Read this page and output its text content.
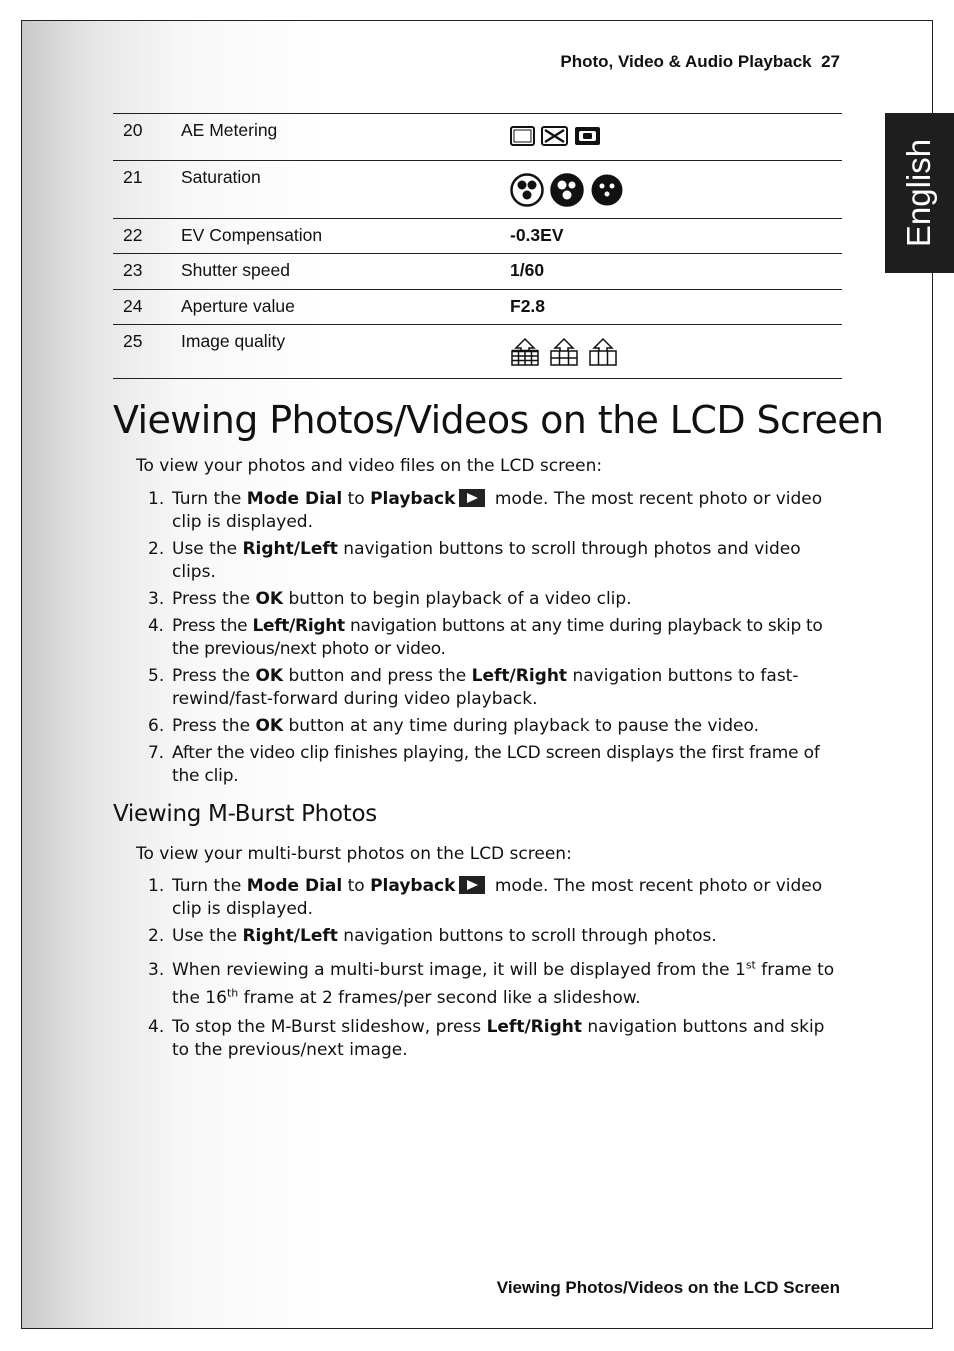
Photo, Video & Audio Playback 27
English
20	AE Metering	

21	Saturation	

22	EV Compensation	-0.3EV
23	Shutter speed	1/60
24	Aperture value	F2.8
25	Image quality	
Viewing Photos/Videos on the LCD Screen
To view your photos and video files on the LCD screen:
1. Turn the Mode Dial to Playback
mode. The most recent photo or video clip is displayed.
2. Use the Right/Left navigation buttons to scroll through photos and video clips.
3. Press the OK button to begin playback of a video clip.
4. Press the Left/Right navigation buttons at any time during playback to skip to the previous/next photo or video.
5. Press the OK button and press the Left/Right navigation buttons to fast-rewind/fast-forward during video playback.
6. Press the OK button at any time during playback to pause the video.
7. After the video clip finishes playing, the LCD screen displays the first frame of the clip.
Viewing M-Burst Photos
To view your multi-burst photos on the LCD screen:
1. Turn the Mode Dial to Playback
mode. The most recent photo or video clip is displayed.
2. Use the Right/Left navigation buttons to scroll through photos.
3. When reviewing a multi-burst image, it will be displayed from the 1st frame to the 16th frame at 2 frames/per second like a slideshow.
4. To stop the M-Burst slideshow, press Left/Right navigation buttons and skip to the previous/next image.
Viewing Photos/Videos on the LCD Screen
